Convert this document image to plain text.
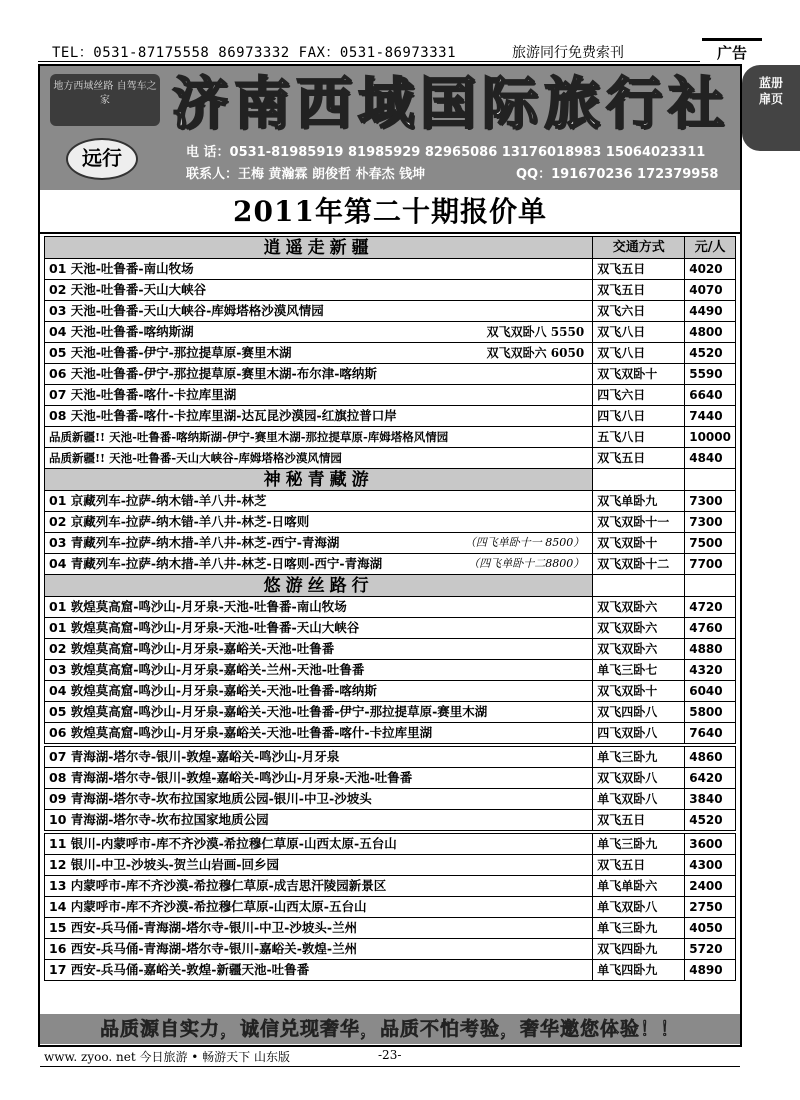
TEL：0531-87175558 86973332 FAX：0531-86973331	旅游同行免费索刊	广告
蓝册
扉页
地方西域丝路 自驾车之家
远行
济南西域国际旅行社
电 话：0531-81985919 81985929 82965086 13176018983 15064023311
联系人：王梅 黄瀚霖 朗俊哲 朴春杰 钱坤	QQ：191670236 172379958
2011年第二十期报价单
逍遥走新疆	交通方式	元/人
01 天池-吐鲁番-南山牧场	双飞五日	4020
02 天池-吐鲁番-天山大峡谷	双飞五日	4070
03 天池-吐鲁番-天山大峡谷-库姆塔格沙漠风情园	双飞六日	4490
04 天池-吐鲁番-喀纳斯湖 双飞双卧八 5550	双飞八日	4800
05 天池-吐鲁番-伊宁-那拉提草原-赛里木湖 双飞双卧六 6050	双飞八日	4520
06 天池-吐鲁番-伊宁-那拉提草原-赛里木湖-布尔津-喀纳斯	双飞双卧十	5590
07 天池-吐鲁番-喀什-卡拉库里湖	四飞六日	6640
08 天池-吐鲁番-喀什-卡拉库里湖-达瓦昆沙漠园-红旗拉普口岸	四飞八日	7440
品质新疆!! 天池-吐鲁番-喀纳斯湖-伊宁-赛里木湖-那拉提草原-库姆塔格风情园	五飞八日	10000
品质新疆!! 天池-吐鲁番-天山大峡谷-库姆塔格沙漠风情园	双飞五日	4840
神秘青藏游		
01 京藏列车-拉萨-纳木错-羊八井-林芝	双飞单卧九	7300
02 京藏列车-拉萨-纳木错-羊八井-林芝-日喀则	双飞双卧十一	7300
03 青藏列车-拉萨-纳木措-羊八井-林芝-西宁-青海湖 （四飞单卧十一 8500）	双飞双卧十	7500
04 青藏列车-拉萨-纳木措-羊八井-林芝-日喀则-西宁-青海湖 （四飞单卧十二8800）	双飞双卧十二	7700
悠游丝路行		
01 敦煌莫高窟-鸣沙山-月牙泉-天池-吐鲁番-南山牧场	双飞双卧六	4720
01 敦煌莫高窟-鸣沙山-月牙泉-天池-吐鲁番-天山大峡谷	双飞双卧六	4760
02 敦煌莫高窟-鸣沙山-月牙泉-嘉峪关-天池-吐鲁番	双飞双卧六	4880
03 敦煌莫高窟-鸣沙山-月牙泉-嘉峪关-兰州-天池-吐鲁番	单飞三卧七	4320
04 敦煌莫高窟-鸣沙山-月牙泉-嘉峪关-天池-吐鲁番-喀纳斯	双飞双卧十	6040
05 敦煌莫高窟-鸣沙山-月牙泉-嘉峪关-天池-吐鲁番-伊宁-那拉提草原-赛里木湖	双飞四卧八	5800
06 敦煌莫高窟-鸣沙山-月牙泉-嘉峪关-天池-吐鲁番-喀什-卡拉库里湖	四飞双卧八	7640

07 青海湖-塔尔寺-银川-敦煌-嘉峪关-鸣沙山-月牙泉	单飞三卧九	4860
08 青海湖-塔尔寺-银川-敦煌-嘉峪关-鸣沙山-月牙泉-天池-吐鲁番	双飞双卧八	6420
09 青海湖-塔尔寺-坎布拉国家地质公园-银川-中卫-沙坡头	单飞双卧八	3840
10 青海湖-塔尔寺-坎布拉国家地质公园	双飞五日	4520

11 银川-内蒙呼市-库不齐沙漠-希拉穆仁草原-山西太原-五台山	单飞三卧九	3600
12 银川-中卫-沙坡头-贺兰山岩画-回乡园	双飞五日	4300
13 内蒙呼市-库不齐沙漠-希拉穆仁草原-成吉思汗陵园新景区	单飞单卧六	2400
14 内蒙呼市-库不齐沙漠-希拉穆仁草原-山西太原-五台山	单飞双卧八	2750
15 西安-兵马俑-青海湖-塔尔寺-银川-中卫-沙坡头-兰州	单飞三卧九	4050
16 西安-兵马俑-青海湖-塔尔寺-银川-嘉峪关-敦煌-兰州	双飞四卧九	5720
17 西安-兵马俑-嘉峪关-敦煌-新疆天池-吐鲁番	单飞四卧九	4890
品质源自实力，诚信兑现奢华，品质不怕考验，奢华邀您体验！！
www. zyoo. net 今日旅游 • 畅游天下 山东版	-23-
